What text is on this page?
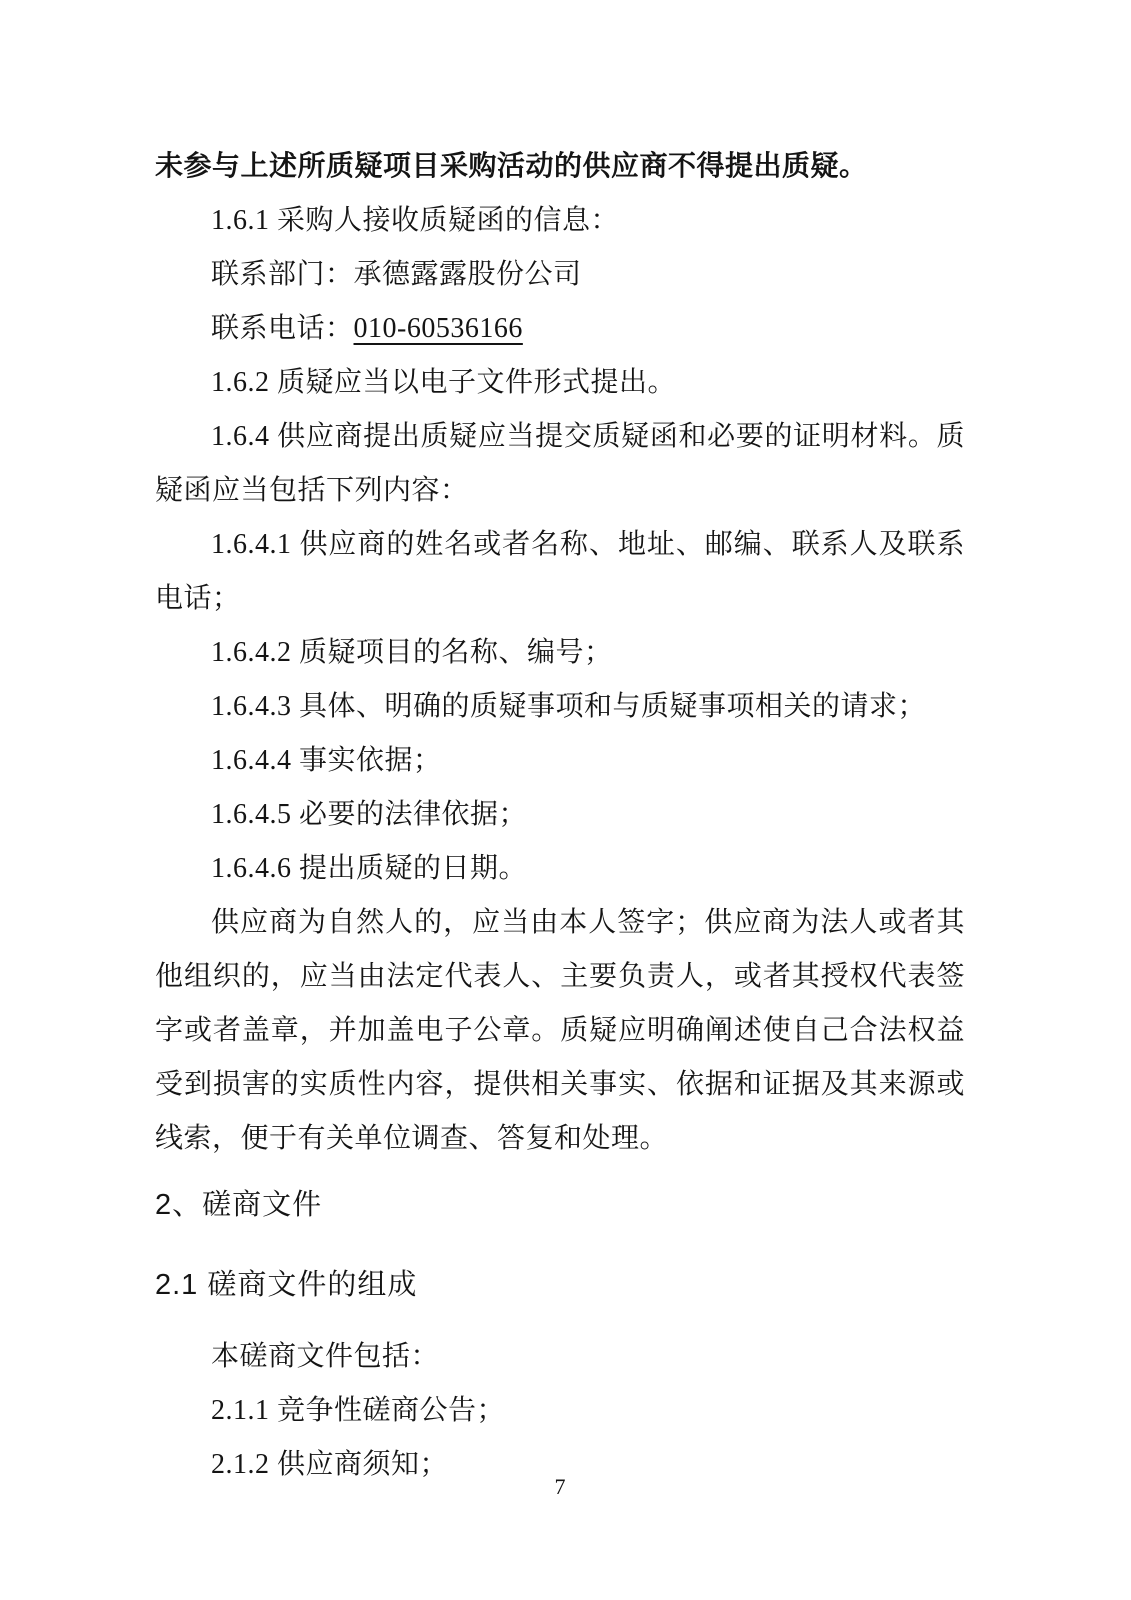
未参与上述所质疑项目采购活动的供应商不得提出质疑。

1.6.1 采购人接收质疑函的信息：

联系部门：承德露露股份公司

联系电话：010-60536166

1.6.2 质疑应当以电子文件形式提出。

1.6.4 供应商提出质疑应当提交质疑函和必要的证明材料。质疑函应当包括下列内容：

1.6.4.1 供应商的姓名或者名称、地址、邮编、联系人及联系电话；

1.6.4.2 质疑项目的名称、编号；

1.6.4.3 具体、明确的质疑事项和与质疑事项相关的请求；

1.6.4.4 事实依据；

1.6.4.5 必要的法律依据；

1.6.4.6 提出质疑的日期。

供应商为自然人的，应当由本人签字；供应商为法人或者其他组织的，应当由法定代表人、主要负责人，或者其授权代表签字或者盖章，并加盖电子公章。质疑应明确阐述使自己合法权益受到损害的实质性内容，提供相关事实、依据和证据及其来源或线索，便于有关单位调查、答复和处理。

2、磋商文件
2.1 磋商文件的组成

本磋商文件包括：

2.1.1 竞争性磋商公告；

2.1.2 供应商须知；

7
